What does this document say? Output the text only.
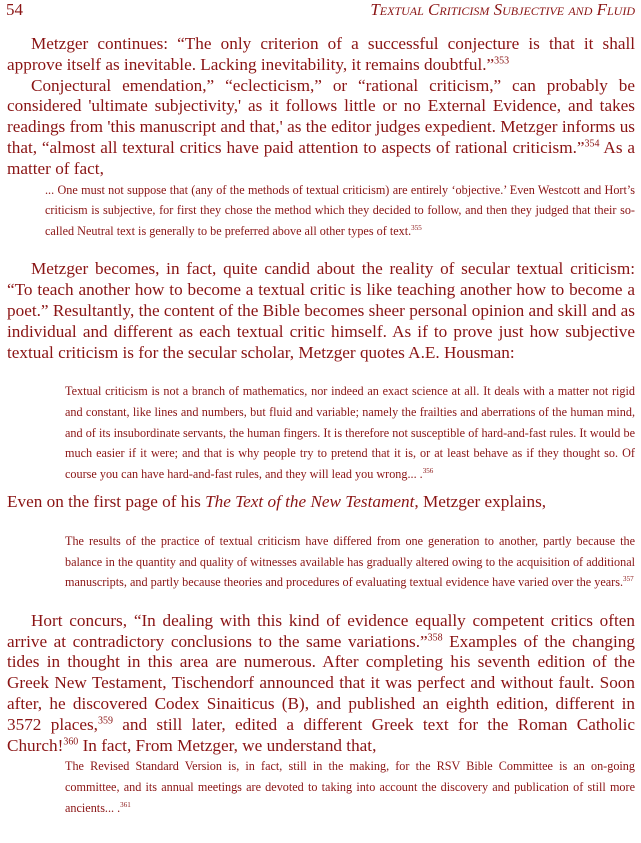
54	Textual Criticism Subjective and Fluid

Metzger continues: “The only criterion of a successful conjecture is that it shall approve itself as inevitable. Lacking inevitability, it remains doubtful.”$^{353}$

Conjectural emendation,” “eclecticism,” or “rational criticism,” can probably be considered 'ultimate subjectivity,' as it follows little or no External Evidence, and takes readings from 'this manuscript and that,' as the editor judges expedient. Metzger informs us that, “almost all textural critics have paid attention to aspects of rational criticism.”$^{354}$ As a matter of fact,

... One must not suppose that (any of the methods of textual criticism) are entirely ‘objective.’ Even Westcott and Hort’s criticism is subjective, for first they chose the method which they decided to follow, and then they judged that their so-called Neutral text is generally to be preferred above all other types of text.$^{355}$

Metzger becomes, in fact, quite candid about the reality of secular textual criticism: “To teach another how to become a textual critic is like teaching another how to become a poet.” Resultantly, the content of the Bible becomes sheer personal opinion and skill and as individual and different as each textual critic himself. As if to prove just how subjective textual criticism is for the secular scholar, Metzger quotes A.E. Housman:

Textual criticism is not a branch of mathematics, nor indeed an exact science at all. It deals with a matter not rigid and constant, like lines and numbers, but fluid and variable; namely the frailties and aberrations of the human mind, and of its insubordinate servants, the human fingers. It is therefore not susceptible of hard-and-fast rules. It would be much easier if it were; and that is why people try to pretend that it is, or at least behave as if they thought so. Of course you can have hard-and-fast rules, and they will lead you wrong... .$^{356}$

Even on the first page of his The Text of the New Testament, Metzger explains,

The results of the practice of textual criticism have differed from one generation to another, partly because the balance in the quantity and quality of witnesses available has gradually altered owing to the acquisition of additional manuscripts, and partly because theories and procedures of evaluating textual evidence have varied over the years.$^{357}$

Hort concurs, “In dealing with this kind of evidence equally competent critics often arrive at contradictory conclusions to the same variations.”$^{358}$ Examples of the changing tides in thought in this area are numerous. After completing his seventh edition of the Greek New Testament, Tischendorf announced that it was perfect and without fault. Soon after, he discovered Codex Sinaiticus (B), and published an eighth edition, different in 3572 places,$^{359}$ and still later, edited a different Greek text for the Roman Catholic Church!$^{360}$ In fact, From Metzger, we understand that,

The Revised Standard Version is, in fact, still in the making, for the RSV Bible Committee is an on-going committee, and its annual meetings are devoted to taking into account the discovery and publication of still more ancients... .$^{361}$
